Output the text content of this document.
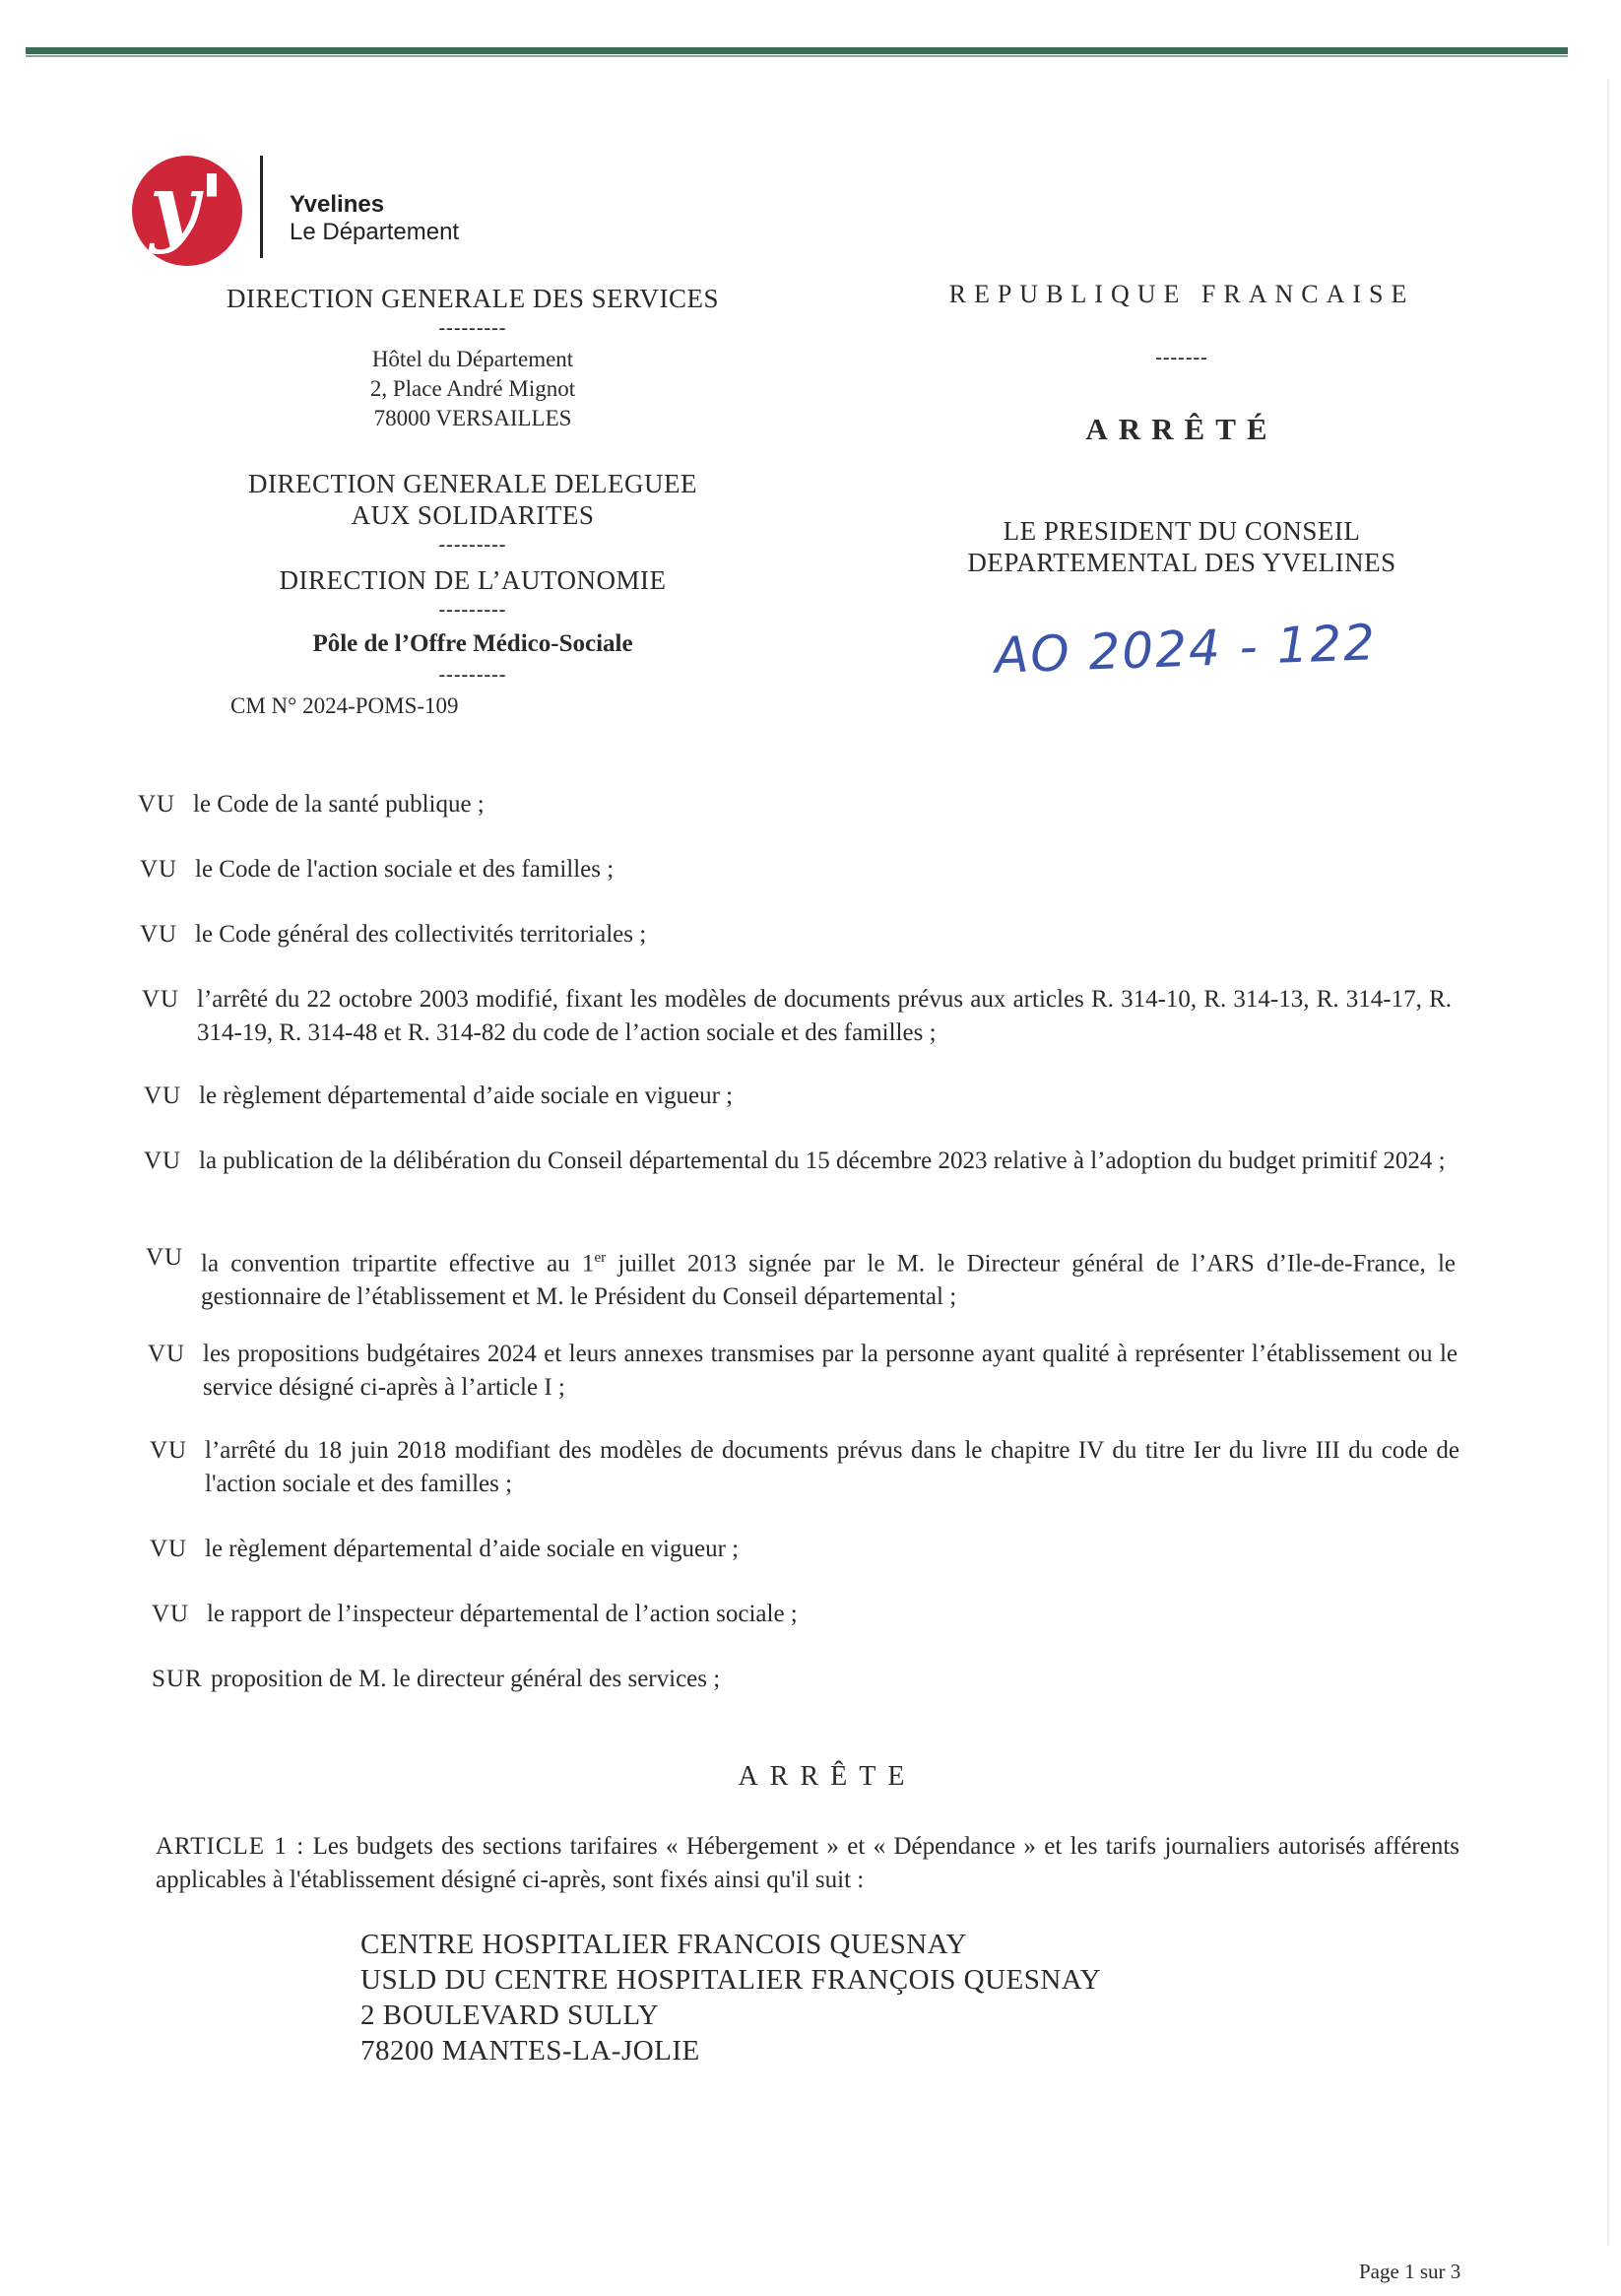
y'	Yvelines
Le Département
DIRECTION GENERALE DES SERVICES
---------
Hôtel du Département
2, Place André Mignot
78000 VERSAILLES
DIRECTION GENERALE DELEGUEE
AUX SOLIDARITES
---------
DIRECTION DE L’AUTONOMIE
---------
Pôle de l’Offre Médico-Sociale
---------
CM N° 2024-POMS-109
REPUBLIQUE FRANCAISE
-------
ARRÊTÉ
LE PRESIDENT DU CONSEIL
DEPARTEMENTAL DES YVELINES
AO 2024 - 122
VU le Code de la santé publique ;
VU le Code de l'action sociale et des familles ;
VU le Code général des collectivités territoriales ;
VU l’arrêté du 22 octobre 2003 modifié, fixant les modèles de documents prévus aux articles R. 314-10, R. 314-13, R. 314-17, R. 314-19, R. 314-48 et R. 314-82 du code de l’action sociale et des familles ;
VU le règlement départemental d’aide sociale en vigueur ;
VU la publication de la délibération du Conseil départemental du 15 décembre 2023 relative à l’adoption du budget primitif 2024 ;
VU la convention tripartite effective au 1er juillet 2013 signée par le M. le Directeur général de l’ARS d’Ile-de-France, le gestionnaire de l’établissement et M. le Président du Conseil départemental ;
VU les propositions budgétaires 2024 et leurs annexes transmises par la personne ayant qualité à représenter l’établissement ou le service désigné ci-après à l’article I ;
VU l’arrêté du 18 juin 2018 modifiant des modèles de documents prévus dans le chapitre IV du titre Ier du livre III du code de l'action sociale et des familles ;
VU le règlement départemental d’aide sociale en vigueur ;
VU le rapport de l’inspecteur départemental de l’action sociale ;
SUR proposition de M. le directeur général des services ;
ARRÊTE
ARTICLE 1 : Les budgets des sections tarifaires « Hébergement » et « Dépendance » et les tarifs journaliers autorisés afférents applicables à l'établissement désigné ci-après, sont fixés ainsi qu'il suit :
CENTRE HOSPITALIER FRANCOIS QUESNAY
USLD DU CENTRE HOSPITALIER FRANÇOIS QUESNAY
2 BOULEVARD SULLY
78200 MANTES-LA-JOLIE
Page 1 sur 3
